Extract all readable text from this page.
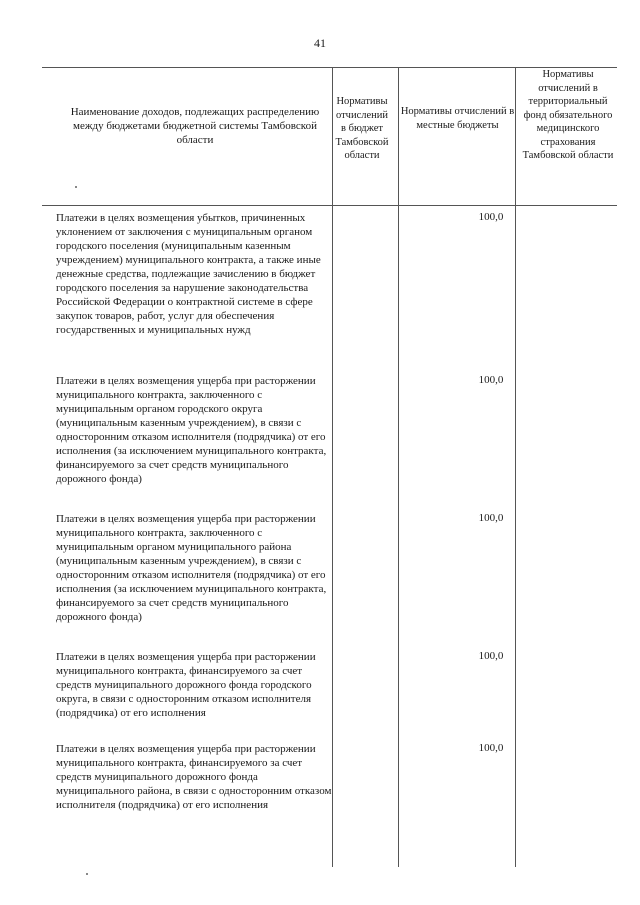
41
Наименование доходов, подлежащих распределению между бюджетами бюджетной системы Тамбовской области
Нормативы отчислений в бюджет Тамбовской области
Нормативы отчислений в местные бюджеты
Нормативы отчислений в территориальный фонд обязательного медицинского страхования Тамбовской области
Платежи в целях возмещения убытков, причиненных уклонением от заключения с муниципальным органом городского поселения (муниципальным казенным учреждением) муниципального контракта, а также иные денежные средства, подлежащие зачислению в бюджет городского поселения за нарушение законодательства Российской Федерации о контрактной системе в сфере закупок товаров, работ, услуг для обеспечения государственных и муниципальных нужд
100,0
Платежи в целях возмещения ущерба при расторжении муниципального контракта, заключенного с муниципальным органом городского округа (муниципальным казенным учреждением), в связи с односторонним отказом исполнителя (подрядчика) от его исполнения (за исключением муниципального контракта, финансируемого за счет средств муниципального дорожного фонда)
100,0
Платежи в целях возмещения ущерба при расторжении муниципального контракта, заключенного с муниципальным органом муниципального района (муниципальным казенным учреждением), в связи с односторонним отказом исполнителя (подрядчика) от его исполнения (за исключением муниципального контракта, финансируемого за счет средств муниципального дорожного фонда)
100,0
Платежи в целях возмещения ущерба при расторжении муниципального контракта, финансируемого за счет средств муниципального дорожного фонда городского округа, в связи с односторонним отказом исполнителя (подрядчика) от его исполнения
100,0
Платежи в целях возмещения ущерба при расторжении муниципального контракта, финансируемого за счет средств муниципального дорожного фонда муниципального района, в связи с односторонним отказом исполнителя (подрядчика) от его исполнения
100,0
